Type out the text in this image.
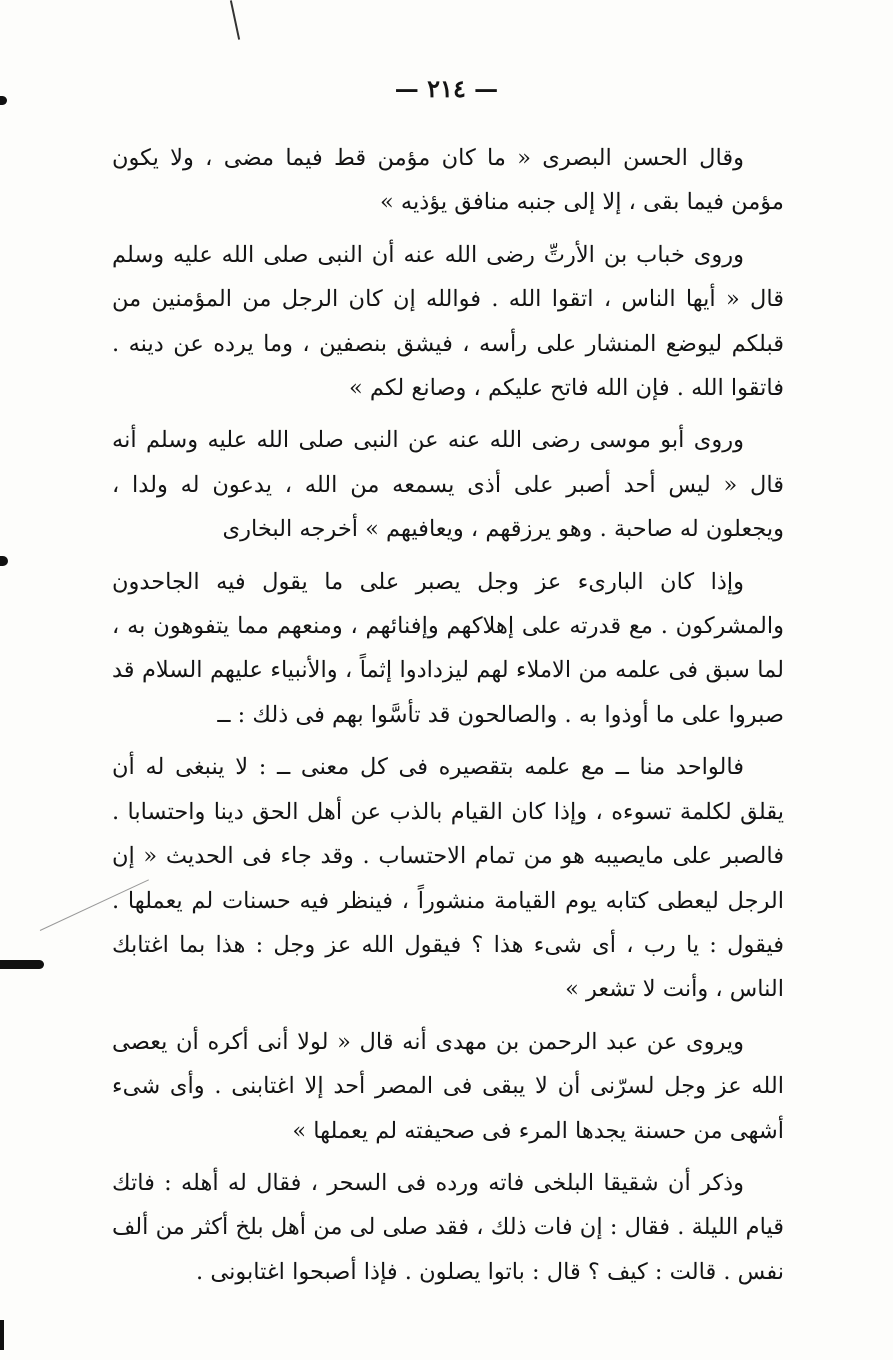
— ٢١٤ —

وقال الحسن البصرى « ما كان مؤمن قط فيما مضى ، ولا يكون مؤمن فيما بقى ، إلا إلى جنبه منافق يؤذيه »

وروى خباب بن الأرتِّ رضى الله عنه أن النبى صلى الله عليه وسلم قال « أيها الناس ، اتقوا الله . فوالله إن كان الرجل من المؤمنين من قبلكم ليوضع المنشار على رأسه ، فيشق بنصفين ، وما يرده عن دينه . فاتقوا الله . فإن الله فاتح عليكم ، وصانع لكم »

وروى أبو موسى رضى الله عنه عن النبى صلى الله عليه وسلم أنه قال « ليس أحد أصبر على أذى يسمعه من الله ، يدعون له ولدا ، ويجعلون له صاحبة . وهو يرزقهم ، ويعافيهم » أخرجه البخارى

وإذا كان البارىء عز وجل يصبر على ما يقول فيه الجاحدون والمشركون . مع قدرته على إهلاكهم وإفنائهم ، ومنعهم مما يتفوهون به ، لما سبق فى علمه من الاملاء لهم ليزدادوا إثماً ، والأنبياء عليهم السلام قد صبروا على ما أوذوا به . والصالحون قد تأسَّوا بهم فى ذلك : ــ

فالواحد منا ــ مع علمه بتقصيره فى كل معنى ــ : لا ينبغى له أن يقلق لكلمة تسوءه ، وإذا كان القيام بالذب عن أهل الحق دينا واحتسابا . فالصبر على مايصيبه هو من تمام الاحتساب . وقد جاء فى الحديث « إن الرجل ليعطى كتابه يوم القيامة منشوراً ، فينظر فيه حسنات لم يعملها . فيقول : يا رب ، أى شىء هذا ؟ فيقول الله عز وجل : هذا بما اغتابك الناس ، وأنت لا تشعر »

ويروى عن عبد الرحمن بن مهدى أنه قال « لولا أنى أكره أن يعصى الله عز وجل لسرّنى أن لا يبقى فى المصر أحد إلا اغتابنى . وأى شىء أشهى من حسنة يجدها المرء فى صحيفته لم يعملها »

وذكر أن شقيقا البلخى فاته ورده فى السحر ، فقال له أهله : فاتك قيام الليلة . فقال : إن فات ذلك ، فقد صلى لى من أهل بلخ أكثر من ألف نفس . قالت : كيف ؟ قال : باتوا يصلون . فإذا أصبحوا اغتابونى .
